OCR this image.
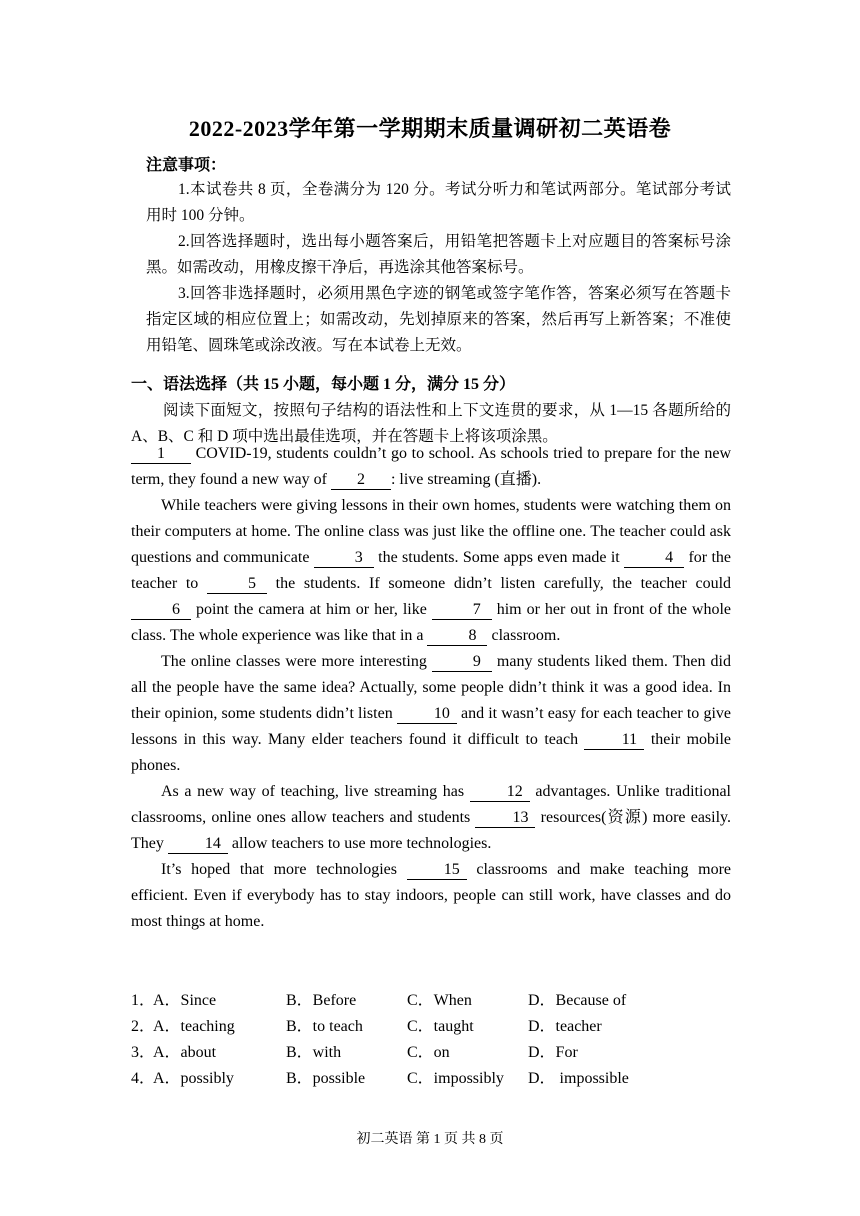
2022-2023学年第一学期期末质量调研初二英语卷
注意事项：

1.本试卷共 8 页，全卷满分为 120 分。考试分听力和笔试两部分。笔试部分考试用时 100 分钟。

2.回答选择题时，选出每小题答案后，用铅笔把答题卡上对应题目的答案标号涂黑。如需改动，用橡皮擦干净后，再选涂其他答案标号。

3.回答非选择题时，必须用黑色字迹的钢笔或签字笔作答，答案必须写在答题卡指定区域的相应位置上；如需改动，先划掉原来的答案，然后再写上新答案；不准使用铅笔、圆珠笔或涂改液。写在本试卷上无效。

一、语法选择（共 15 小题，每小题 1 分，满分 15 分）

阅读下面短文，按照句子结构的语法性和上下文连贯的要求，从 1—15 各题所给的 A、B、C 和 D 项中选出最佳选项，并在答题卡上将该项涂黑。

1 COVID-19, students couldn’t go to school. As schools tried to prepare for the new term, they found a new way of 2 : live streaming (直播).

While teachers were giving lessons in their own homes, students were watching them on their computers at home. The online class was just like the offline one. The teacher could ask questions and communicate	3 the students. Some apps even made it	4 for the teacher to	5 the students. If someone didn’t listen carefully, the teacher could 6 point the camera at him or her, like	7 him or her out in front of the whole class. The whole experience was like that in a	8 classroom.

The online classes were more interesting	9 many students liked them. Then did all the people have the same idea? Actually, some people didn’t think it was a good idea. In their opinion, some students didn’t listen 10 and it wasn’t easy for each teacher to give lessons in this way. Many elder teachers found it difficult to teach 11 their mobile phones.

As a new way of teaching, live streaming has 12 advantages. Unlike traditional classrooms, online ones allow teachers and students 13 resources(资源) more easily. They 14 allow teachers to use more technologies.

It’s hoped that more technologies 15 classrooms and make teaching more efficient. Even if everybody has to stay indoors, people can still work, have classes and do most things at home.

1．
A．Since	B．Before	C．When	D．Because of
2．
A．teaching	B．to teach	C．taught	D．teacher
3．
A．about	B．with	C．on	D．For
4．
A．possibly	B．possible	C．impossibly D． impossible
初二英语 第 1 页 共 8 页
